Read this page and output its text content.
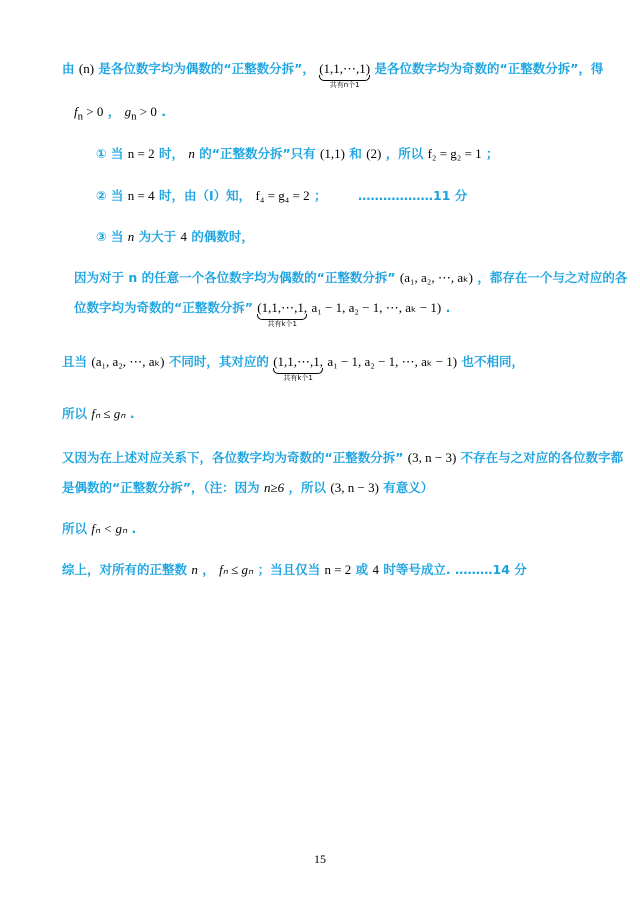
由 (n) 是各位数字均为偶数的“正整数分拆”， (1,1,⋯,1)
共有n个1
是各位数字均为奇数的“正整数分拆”，得
$f_n > 0$ ， $g_n > 0$ .
① 当 n = 2 时， n 的“正整数分拆”只有 (1,1) 和 (2) ，所以 f₂ = g₂ = 1 ；
② 当 n = 4 时，由（Ⅰ）知， f₄ = g₄ = 2 ；	………………11 分
③ 当 n 为大于 4 的偶数时，
因为对于 n 的任意一个各位数字均为偶数的“正整数分拆” (a₁, a₂, ⋯, aₖ) ，都存在一个与之对应的各
位数字均为奇数的“正整数分拆” (1,1,⋯,1,
共有k个1
a₁ − 1, a₂ − 1, ⋯, aₖ − 1) .
且当 (a₁, a₂, ⋯, aₖ) 不同时，其对应的 (1,1,⋯,1,
共有k个1
a₁ − 1, a₂ − 1, ⋯, aₖ − 1) 也不相同，
所以 fₙ ≤ gₙ .
又因为在上述对应关系下，各位数字均为奇数的“正整数分拆” (3, n − 3) 不存在与之对应的各位数字都
是偶数的“正整数分拆”，（注：因为 n≥6 ，所以 (3, n − 3) 有意义）
所以 fₙ < gₙ .
综上，对所有的正整数 n ， fₙ ≤ gₙ ；当且仅当 n = 2 或 4 时等号成立. ………14 分
15
